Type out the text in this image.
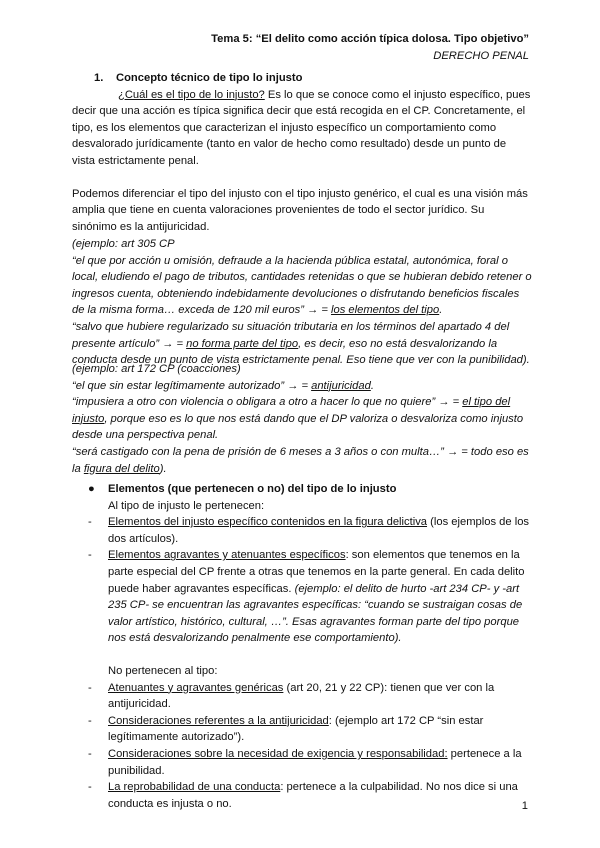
Tema 5: “El delito como acción típica dolosa. Tipo objetivo”
DERECHO PENAL

1. Concepto técnico de tipo lo injusto

¿Cuál es el tipo de lo injusto? Es lo que se conoce como el injusto específico, pues decir que una acción es típica significa decir que está recogida en el CP. Concretamente, el tipo, es los elementos que caracterizan el injusto específico un comportamiento como desvalorado jurídicamente (tanto en valor de hecho como resultado) desde un punto de vista estrictamente penal.

Podemos diferenciar el tipo del injusto con el tipo injusto genérico, el cual es una visión más amplia que tiene en cuenta valoraciones provenientes de todo el sector jurídico. Su sinónimo es la antijuricidad.

(ejemplo: art 305 CP

“el que por acción u omisión, defraude a la hacienda pública estatal, autonómica, foral o local, eludiendo el pago de tributos, cantidades retenidas o que se hubieran debido retener o ingresos cuenta, obteniendo indebidamente devoluciones o disfrutando beneficios fiscales de la misma forma… exceda de 120 mil euros” → = los elementos del tipo.

“salvo que hubiere regularizado su situación tributaria en los términos del apartado 4 del presente artículo” → = no forma parte del tipo, es decir, eso no está desvalorizando la conducta desde un punto de vista estrictamente penal. Eso tiene que ver con la punibilidad).

(ejemplo: art 172 CP (coacciones)

“el que sin estar legítimamente autorizado” → = antijuricidad.

“impusiera a otro con violencia o obligara a otro a hacer lo que no quiere” → = el tipo del injusto, porque eso es lo que nos está dando que el DP valoriza o desvaloriza como injusto desde una perspectiva penal.

“será castigado con la pena de prisión de 6 meses a 3 años o con multa…” → = todo eso es la figura del delito).

● Elementos (que pertenecen o no) del tipo de lo injusto

Al tipo de injusto le pertenecen:

- Elementos del injusto específico contenidos en la figura delictiva (los ejemplos de los dos artículos).
- Elementos agravantes y atenuantes específicos: son elementos que tenemos en la parte especial del CP frente a otras que tenemos en la parte general. En cada delito puede haber agravantes específicas. (ejemplo: el delito de hurto -art 234 CP- y -art 235 CP- se encuentran las agravantes específicas: “cuando se sustraigan cosas de valor artístico, histórico, cultural, …”. Esas agravantes forman parte del tipo porque nos está desvalorizando penalmente ese comportamiento).

No pertenecen al tipo:

- Atenuantes y agravantes genéricas (art 20, 21 y 22 CP): tienen que ver con la antijuricidad.
- Consideraciones referentes a la antijuricidad: (ejemplo art 172 CP “sin estar legítimamente autorizado”).
- Consideraciones sobre la necesidad de exigencia y responsabilidad: pertenece a la punibilidad.
- La reprobabilidad de una conducta: pertenece a la culpabilidad. No nos dice si una conducta es injusta o no.	1
